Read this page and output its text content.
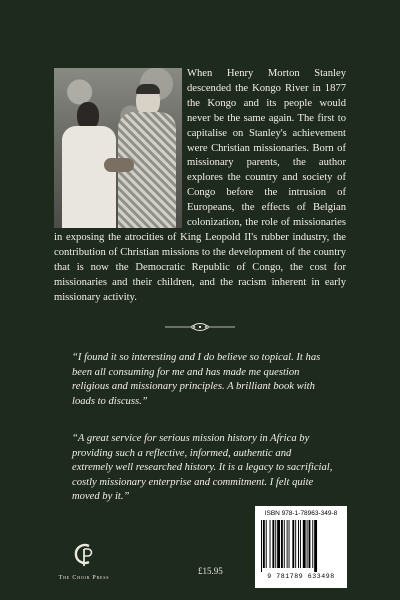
When Henry Morton Stanley descended the Kongo River in 1877 the Kongo and its people would never be the same again. The first to capitalise on Stanley's achievement were Christian missionaries. Born of missionary parents, the author explores the country and society of Congo before the intrusion of Europeans, the effects of Belgian colonization, the role of missionaries in exposing the atrocities of King Leopold II's rubber industry, the contribution of Christian missions to the development of the country that is now the Democratic Republic of Congo, the cost for missionaries and their children, and the racism inherent in early missionary activity.

“I found it so interesting and I do believe so topical. It has been all consuming for me and has made me question religious and missionary principles. A brilliant book with loads to discuss.”

“A great service for serious mission history in Africa by providing such a reflective, informed, authentic and extremely well researched history. It is a legacy to sacrificial, costly missionary enterprise and commitment. I felt quite moved by it.”

The Choir Press
£15.95
ISBN 978-1-78963-349-8
9 781789 633498
